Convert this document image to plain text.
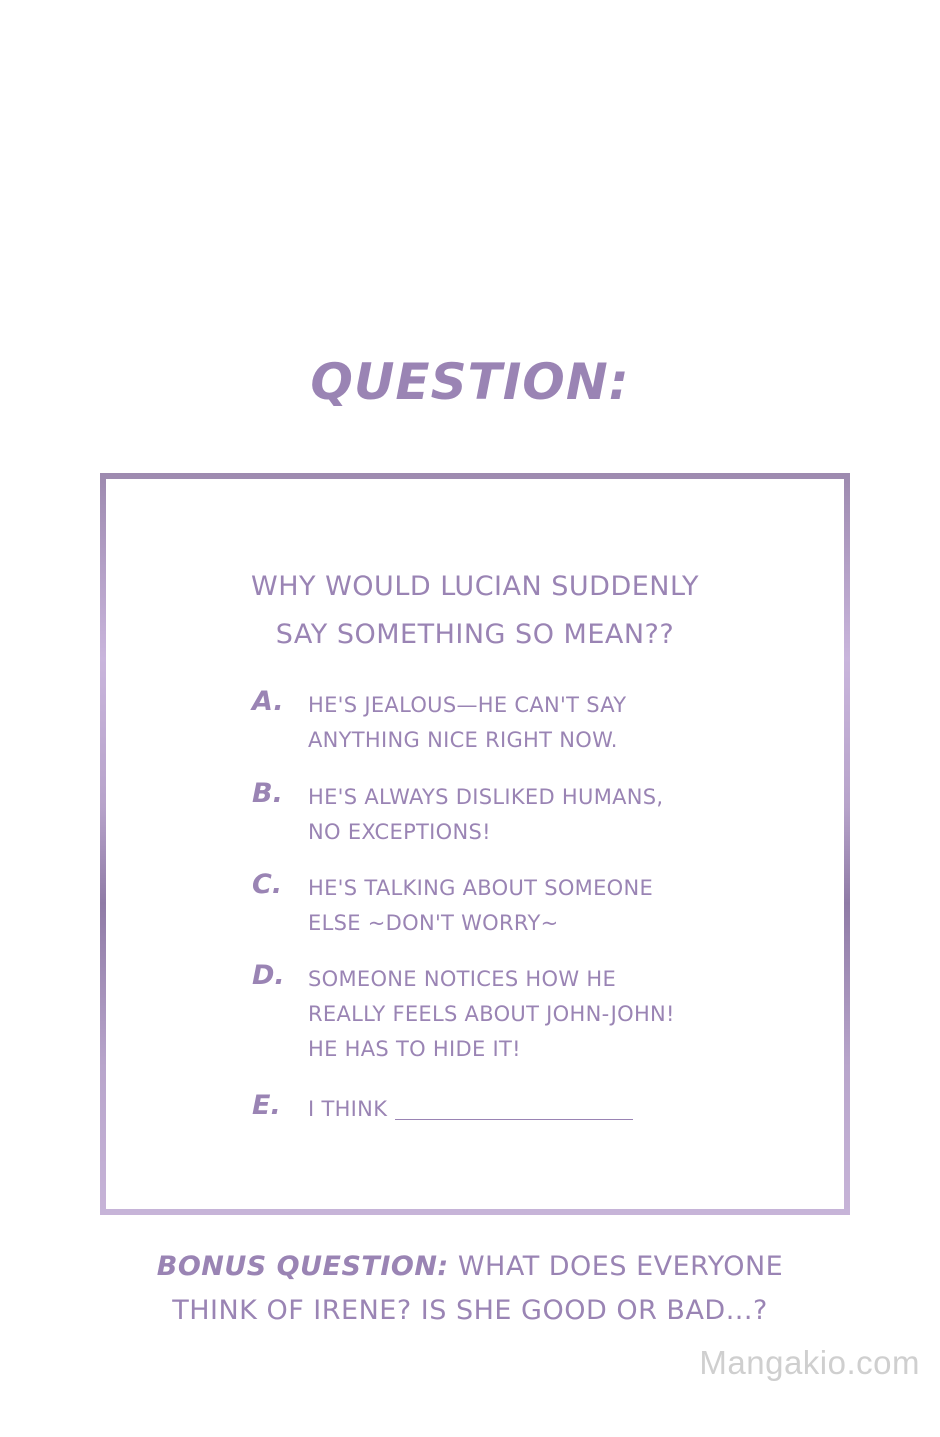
QUESTION:
WHY WOULD LUCIAN SUDDENLY
SAY SOMETHING SO MEAN??
A. HE'S JEALOUS—HE CAN'T SAY
ANYTHING NICE RIGHT NOW.
B. HE'S ALWAYS DISLIKED HUMANS,
NO EXCEPTIONS!
C. HE'S TALKING ABOUT SOMEONE
ELSE ~DON'T WORRY~
D. SOMEONE NOTICES HOW HE
REALLY FEELS ABOUT JOHN-JOHN!
HE HAS TO HIDE IT!
E. I THINK
BONUS QUESTION: WHAT DOES EVERYONE
THINK OF IRENE? IS SHE GOOD OR BAD...?
Mangakio.com
